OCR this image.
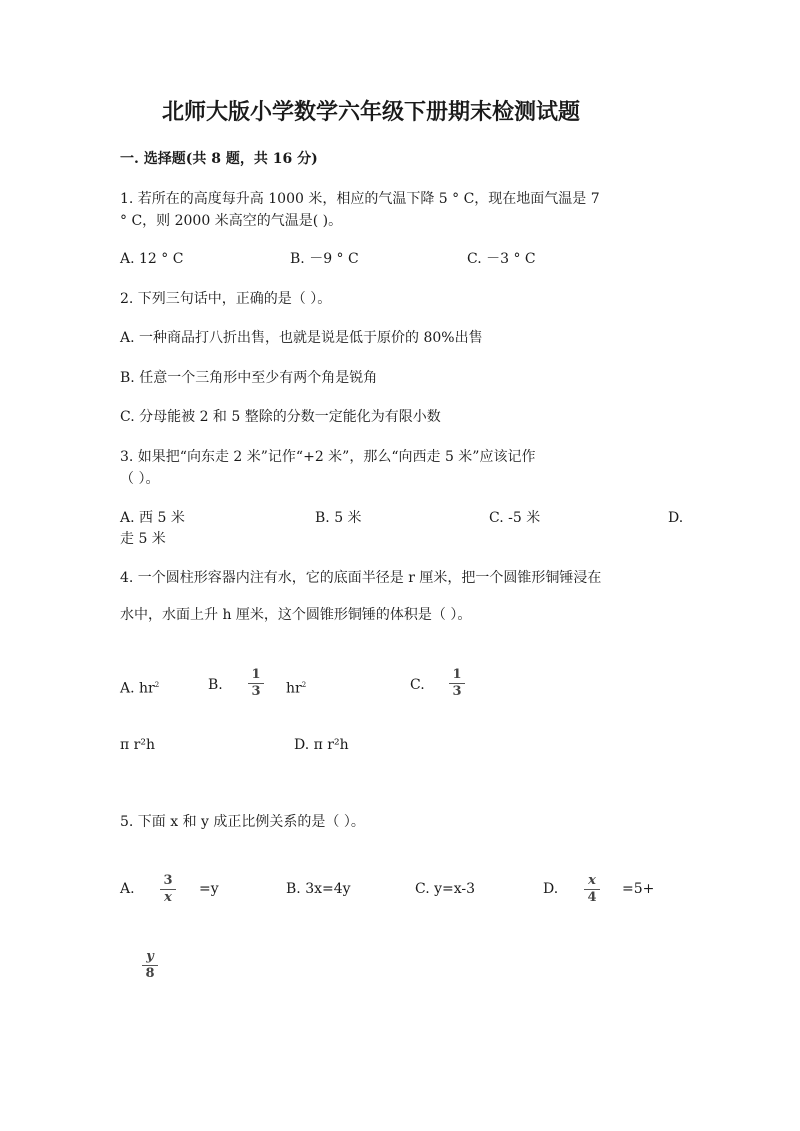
北师大版小学数学六年级下册期末检测试题
一. 选择题(共 8 题，共 16 分)
1. 若所在的高度每升高 1000 米，相应的气温下降 5 ° C，现在地面气温是 7
° C，则 2000 米高空的气温是( )。
A. 12 ° C	B. －9 ° C	C. －3 ° C
2. 下列三句话中，正确的是（ ）。
A. 一种商品打八折出售，也就是说是低于原价的 80%出售
B. 任意一个三角形中至少有两个角是锐角
C. 分母能被 2 和 5 整除的分数一定能化为有限小数
3. 如果把“向东走 2 米”记作“+2 米”，那么“向西走 5 米”应该记作
（ ）。
A. 西 5 米	B. 5 米	C. -5 米	D.
走 5 米
4. 一个圆柱形容器内注有水，它的底面半径是 r 厘米，把一个圆锥形铜锤浸在
水中，水面上升 h 厘米，这个圆锥形铜锤的体积是（ ）。
A. $hr^2$	B.
1
3 $hr^2$	C.
1
3
π r²h	D. π r²h
5. 下面 x 和 y 成正比例关系的是（ ）。
A.
3
x
=y	B. 3x=4y	C. y=x-3	D.
x
4
=5+
y
8
